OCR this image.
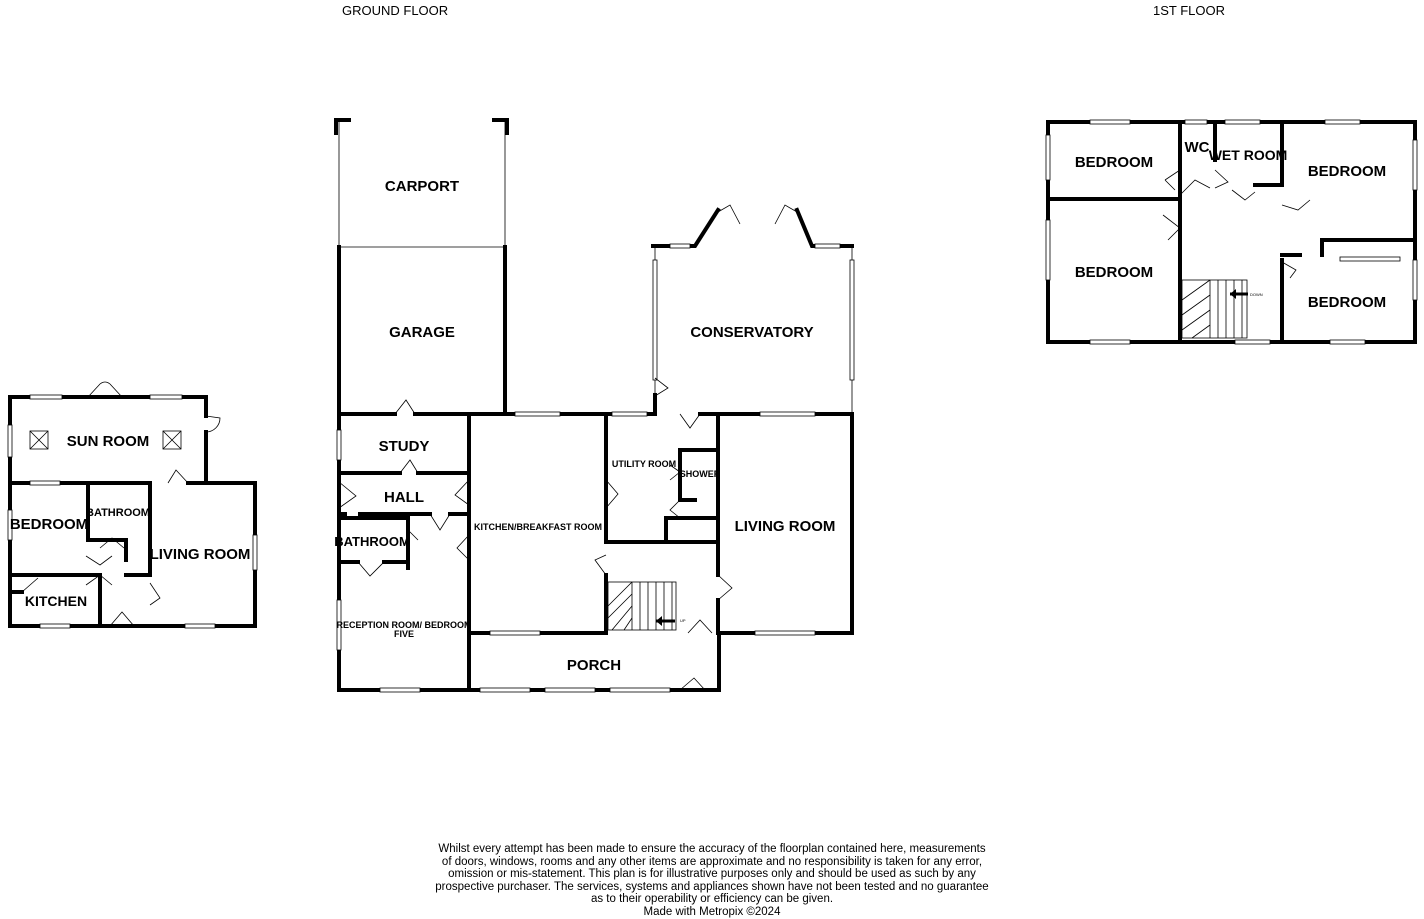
GROUND FLOOR	1ST FLOOR
UP
DOWN
CARPORT
GARAGE	CONSERVATORY
STUDY
HALL
KITCHEN/BREAKFAST ROOM
UTILITY ROOM
SHOWER
LIVING ROOM
BATHROOM
RECEPTION ROOM/ BEDROOM
FIVE
PORCH
SUN ROOM
BEDROOM
BATHROOM
LIVING ROOM
KITCHEN
BEDROOM
WC WET ROOM
BEDROOM
BEDROOM
BEDROOM

Whilst every attempt has been made to ensure the accuracy of the floorplan contained here, measurements

of doors, windows, rooms and any other items are approximate and no responsibility is taken for any error,

omission or mis-statement. This plan is for illustrative purposes only and should be used as such by any

prospective purchaser. The services, systems and appliances shown have not been tested and no guarantee

as to their operability or efficiency can be given.

Made with Metropix ©2024
